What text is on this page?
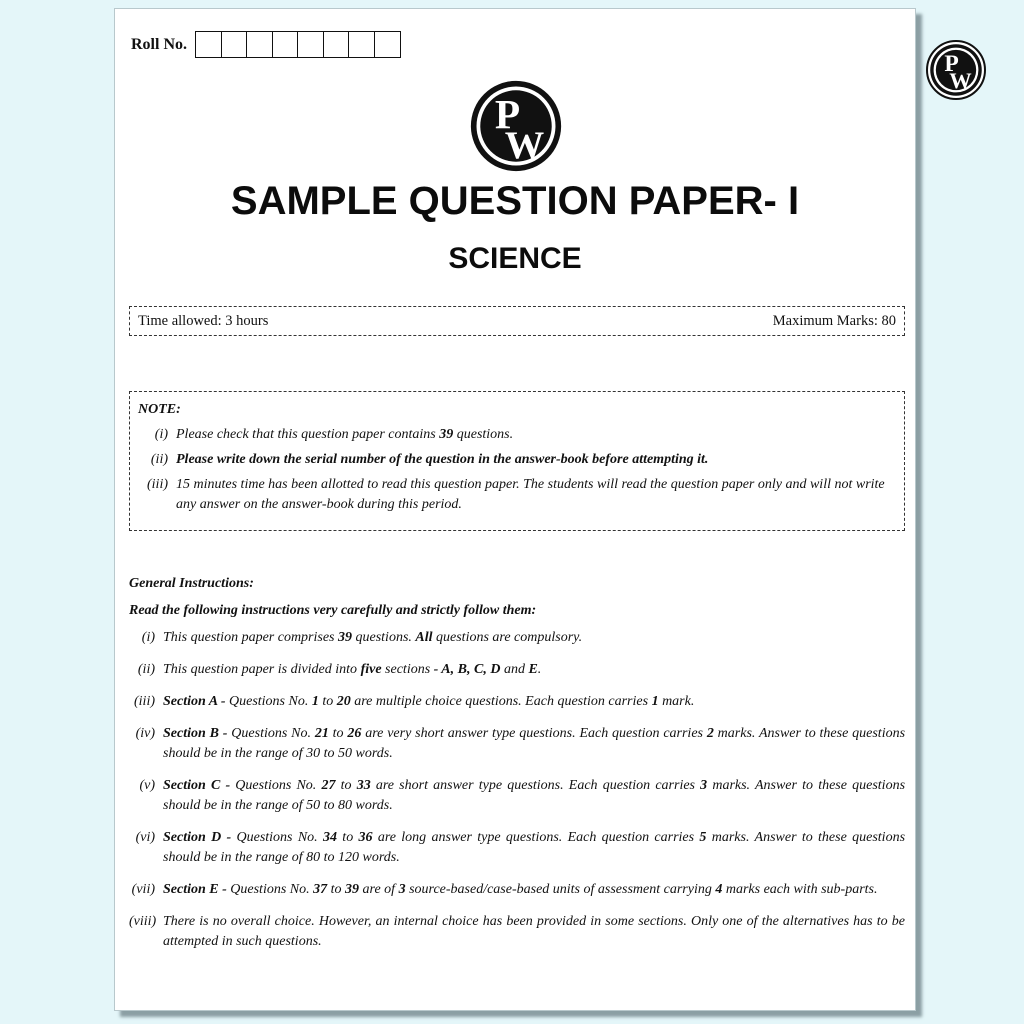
P
W
Roll No.
P
W
SAMPLE QUESTION PAPER- I
SCIENCE
Time allowed: 3 hours	Maximum Marks: 80
NOTE:
(i) Please check that this question paper contains 39 questions.
(ii) Please write down the serial number of the question in the answer-book before attempting it.
(iii) 15 minutes time has been allotted to read this question paper. The students will read the question paper only and will not write any answer on the answer-book during this period.
General Instructions:
Read the following instructions very carefully and strictly follow them:
(i) This question paper comprises 39 questions. All questions are compulsory.
(ii) This question paper is divided into five sections - A, B, C, D and E.
(iii) Section A - Questions No. 1 to 20 are multiple choice questions. Each question carries 1 mark.
(iv) Section B - Questions No. 21 to 26 are very short answer type questions. Each question carries 2 marks. Answer to these questions should be in the range of 30 to 50 words.
(v) Section C - Questions No. 27 to 33 are short answer type questions. Each question carries 3 marks. Answer to these questions should be in the range of 50 to 80 words.
(vi) Section D - Questions No. 34 to 36 are long answer type questions. Each question carries 5 marks. Answer to these questions should be in the range of 80 to 120 words.
(vii) Section E - Questions No. 37 to 39 are of 3 source-based/case-based units of assessment carrying 4 marks each with sub-parts.
(viii) There is no overall choice. However, an internal choice has been provided in some sections. Only one of the alternatives has to be attempted in such questions.
